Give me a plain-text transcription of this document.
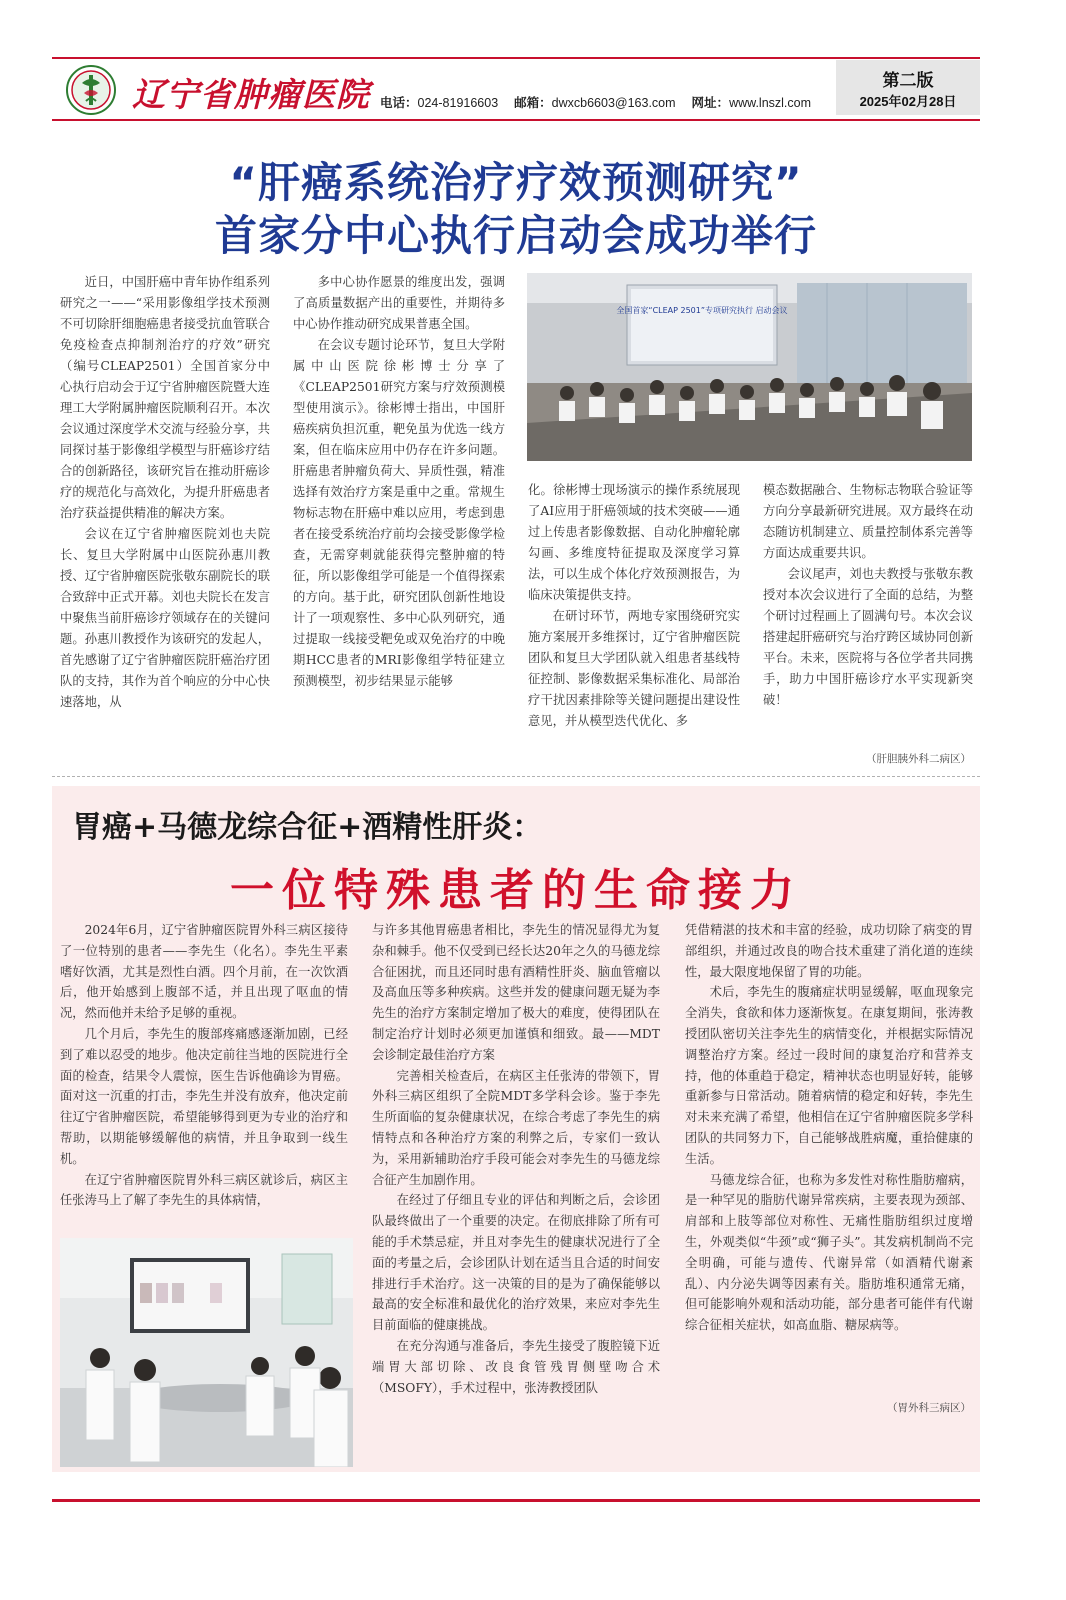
辽宁省肿瘤医院 电话：024-81916603 邮箱：dwxcb6603@163.com 网址：www.lnszl.com
第二版
2025年02月28日
“肝癌系统治疗疗效预测研究”
首家分中心执行启动会成功举行

近日，中国肝癌中青年协作组系列研究之一——“采用影像组学技术预测不可切除肝细胞癌患者接受抗血管联合免疫检查点抑制剂治疗的疗效”研究（编号CLEAP2501）全国首家分中心执行启动会于辽宁省肿瘤医院暨大连理工大学附属肿瘤医院顺利召开。本次会议通过深度学术交流与经验分享，共同探讨基于影像组学模型与肝癌诊疗结合的创新路径，该研究旨在推动肝癌诊疗的规范化与高效化，为提升肝癌患者治疗获益提供精准的解决方案。

会议在辽宁省肿瘤医院刘也夫院长、复旦大学附属中山医院孙惠川教授、辽宁省肿瘤医院张敬东副院长的联合致辞中正式开幕。刘也夫院长在发言中聚焦当前肝癌诊疗领域存在的关键问题。孙惠川教授作为该研究的发起人，首先感谢了辽宁省肿瘤医院肝癌治疗团队的支持，其作为首个响应的分中心快速落地，从

多中心协作愿景的维度出发，强调了高质量数据产出的重要性，并期待多中心协作推动研究成果普惠全国。

在会议专题讨论环节，复旦大学附属中山医院徐彬博士分享了《CLEAP2501研究方案与疗效预测模型使用演示》。徐彬博士指出，中国肝癌疾病负担沉重，靶免虽为优选一线方案，但在临床应用中仍存在许多问题。肝癌患者肿瘤负荷大、异质性强，精准选择有效治疗方案是重中之重。常规生物标志物在肝癌中难以应用，考虑到患者在接受系统治疗前均会接受影像学检查，无需穿刺就能获得完整肿瘤的特征，所以影像组学可能是一个值得探索的方向。基于此，研究团队创新性地设计了一项观察性、多中心队列研究，通过提取一线接受靶免或双免治疗的中晚期HCC患者的MRI影像组学特征建立预测模型，初步结果显示能够

全国首家“CLEAP 2501”专项研究执行 启动会议

化。徐彬博士现场演示的操作系统展现了AI应用于肝癌领域的技术突破——通过上传患者影像数据、自动化肿瘤轮廓勾画、多维度特征提取及深度学习算法，可以生成个体化疗效预测报告，为临床决策提供支持。

在研讨环节，两地专家围绕研究实施方案展开多维探讨，辽宁省肿瘤医院团队和复旦大学团队就入组患者基线特征控制、影像数据采集标准化、局部治疗干扰因素排除等关键问题提出建设性意见，并从模型迭代优化、多

模态数据融合、生物标志物联合验证等方向分享最新研究进展。双方最终在动态随访机制建立、质量控制体系完善等方面达成重要共识。

会议尾声，刘也夫教授与张敬东教授对本次会议进行了全面的总结，为整个研讨过程画上了圆满句号。本次会议搭建起肝癌研究与治疗跨区域协同创新平台。未来，医院将与各位学者共同携手，助力中国肝癌诊疗水平实现新突破！

（肝胆胰外科二病区）
胃癌+马德龙综合征+酒精性肝炎：
一位特殊患者的生命接力

2024年6月，辽宁省肿瘤医院胃外科三病区接待了一位特别的患者——李先生（化名）。李先生平素嗜好饮酒，尤其是烈性白酒。四个月前，在一次饮酒后，他开始感到上腹部不适，并且出现了呕血的情况，然而他并未给予足够的重视。

几个月后，李先生的腹部疼痛感逐渐加剧，已经到了难以忍受的地步。他决定前往当地的医院进行全面的检查，结果令人震惊，医生告诉他确诊为胃癌。面对这一沉重的打击，李先生并没有放弃，他决定前往辽宁省肿瘤医院，希望能够得到更为专业的治疗和帮助，以期能够缓解他的病情，并且争取到一线生机。

在辽宁省肿瘤医院胃外科三病区就诊后，病区主任张涛马上了解了李先生的具体病情，

与许多其他胃癌患者相比，李先生的情况显得尤为复杂和棘手。他不仅受到已经长达20年之久的马德龙综合征困扰，而且还同时患有酒精性肝炎、脑血管瘤以及高血压等多种疾病。这些并发的健康问题无疑为李先生的治疗方案制定增加了极大的难度，使得团队在制定治疗计划时必须更加谨慎和细致。最——MDT会诊制定最佳治疗方案

完善相关检查后，在病区主任张涛的带领下，胃外科三病区组织了全院MDT多学科会诊。鉴于李先生所面临的复杂健康状况，在综合考虑了李先生的病情特点和各种治疗方案的利弊之后，专家们一致认为，采用新辅助治疗手段可能会对李先生的马德龙综合征产生加剧作用。

在经过了仔细且专业的评估和判断之后，会诊团队最终做出了一个重要的决定。在彻底排除了所有可能的手术禁忌症，并且对李先生的健康状况进行了全面的考量之后，会诊团队计划在适当且合适的时间安排进行手术治疗。这一决策的目的是为了确保能够以最高的安全标准和最优化的治疗效果，来应对李先生目前面临的健康挑战。

在充分沟通与准备后，李先生接受了腹腔镜下近端胃大部切除、改良食管残胃侧壁吻合术（MSOFY），手术过程中，张涛教授团队

凭借精湛的技术和丰富的经验，成功切除了病变的胃部组织，并通过改良的吻合技术重建了消化道的连续性，最大限度地保留了胃的功能。

术后，李先生的腹痛症状明显缓解，呕血现象完全消失，食欲和体力逐渐恢复。在康复期间，张涛教授团队密切关注李先生的病情变化，并根据实际情况调整治疗方案。经过一段时间的康复治疗和营养支持，他的体重趋于稳定，精神状态也明显好转，能够重新参与日常活动。随着病情的稳定和好转，李先生对未来充满了希望，他相信在辽宁省肿瘤医院多学科团队的共同努力下，自己能够战胜病魔，重拾健康的生活。

马德龙综合征，也称为多发性对称性脂肪瘤病，是一种罕见的脂肪代谢异常疾病，主要表现为颈部、肩部和上肢等部位对称性、无痛性脂肪组织过度增生，外观类似“牛颈”或“狮子头”。其发病机制尚不完全明确，可能与遗传、代谢异常（如酒精代谢紊乱）、内分泌失调等因素有关。脂肪堆积通常无痛，但可能影响外观和活动功能，部分患者可能伴有代谢综合征相关症状，如高血脂、糖尿病等。

（胃外科三病区）
